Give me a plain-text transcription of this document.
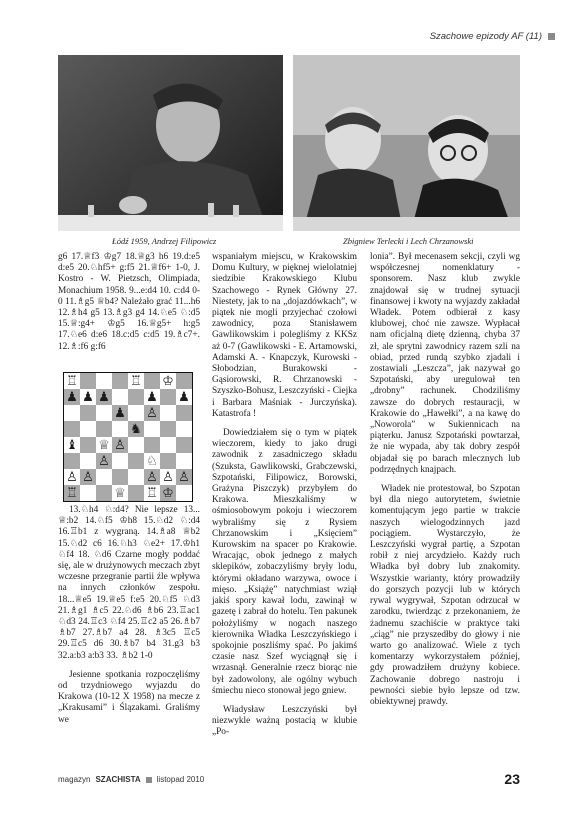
Szachowe epizody AF (11)
Łódź 1959, Andrzej Filipowicz	Zbigniew Terlecki i Lech Chrzanowski

g6 17.♕f3 ♔g7 18.♕g3 h6 19.d:e5 d:e5 20.♘hf5+ g:f5 21.♕f6+ 1-0, J. Kostro - W. Pietzsch, Olimpiada, Monachium 1958. 9...e:d4 10. c:d4 0-0 11.♗g5 ♕b4? Należało grać 11...h6 12.♗h4 g5 13.♗g3 g4 14.♘e5 ♘:d5 15.♕:g4+ ♔g5 16.♕g5+ h:g5 17.♘e6 d:e6 18.c:d5 c:d5 19.♗c7+. 12.♗:f6 g:f6

♖	♖ ♔
♟ ♟ ♟	♟ ♟
♟ ♙
♞
♝ ♕ ♙
♙	♘
♙ ♙	♙ ♙ ♙
♖	♕ ♖ ♔

13.♘h4 ♘:d4? Nie lepsze 13... ♕:b2 14.♘f5 ♔h8 15.♘d2 ♘:d4 16.♖b1 z wygraną. 14.♗a8 ♕b2 15.♘d2 c6 16.♘h3 ♘e2+ 17.♔h1 ♘f4 18. ♘d6 Czarne mogły poddać się, ale w drużynowych meczach zbyt wczesne przegranie partii źle wpływa na innych członków zespołu. 18...♕e5 19.♕e5 f:e5 20.♘f5 ♘d3 21.♗g1 ♗c5 22.♘d6 ♗b6 23.♖ac1 ♘d3 24.♖c3 ♘f4 25.♖c2 a5 26.♗b7 ♗b7 27.♗b7 a4 28. ♗3c5 ♖c5 29.♖c5 d6 30.♗b7 b4 31.g3 b3 32.a:b3 a:b3 33. ♗b2 1-0

Jesienne spotkania rozpoczęliśmy od trzydniowego wyjazdu do Krakowa (10-12 X 1958) na mecze z „Krakusami” i Ślązakami. Graliśmy we

wspaniałym miejscu, w Krakowskim Domu Kultury, w pięknej wielolatniej siedzibie Krakowskiego Klubu Szachowego - Rynek Główny 27. Niestety, jak to na „dojazdówkach”, w piątek nie mogli przyjechać czołowi zawodnicy, poza Stanisławem Gawlikowskim i polegliśmy z KKSz aż 0-7 (Gawlikowski - E. Artamowski, Adamski A. - Knapczyk, Kurowski - Słobodzian, Burakowski - Gąsiorowski, R. Chrzanowski - Szyszko-Bohusz, Leszczyński - Ciejka i Barbara Maśniak - Jurczyńska). Katastrofa !

Dowiedziałem się o tym w piątek wieczorem, kiedy to jako drugi zawodnik z zasadniczego składu (Szuksta, Gawlikowski, Grabczewski, Szpotański, Filipowicz, Borowski, Grażyna Piszczyk) przybyłem do Krakowa. Mieszkaliśmy w ośmiosobowym pokoju i wieczorem wybraliśmy się z Rysiem Chrzanowskim i „Księciem” Kurowskim na spacer po Krakowie. Wracając, obok jednego z małych sklepików, zobaczyliśmy bryły lodu, którymi okładano warzywa, owoce i mięso. „Książę” natychmiast wziął jakiś spory kawał lodu, zawinął w gazetę i zabrał do hotelu. Ten pakunek położyliśmy w nogach naszego kierownika Władka Leszczyńskiego i spokojnie poszliśmy spać. Po jakimś czasie nasz Szef wyciągnął się i wrzasnął. Generalnie rzecz biorąc nie był zadowolony, ale ogólny wybuch śmiechu nieco stonował jego gniew.

Władysław Leszczyński był niezwykle ważną postacią w klubie „Po-

lonia”. Był mecenasem sekcji, czyli wg współczesnej nomenklatury - sponsorem. Nasz klub zwykle znajdował się w trudnej sytuacji finansowej i kwoty na wyjazdy zakładał Władek. Potem odbierał z kasy klubowej, choć nie zawsze. Wypłacał nam oficjalną dietę dzienną, chyba 37 zł, ale sprytni zawodnicy razem szli na obiad, przed rundą szybko zjadali i zostawiali „Leszcza”, jak nazywał go Szpotański, aby uregulował ten „drobny” rachunek. Chodziliśmy zawsze do dobrych restauracji, w Krakowie do „Hawełki”, a na kawę do „Noworola” w Sukiennicach na piąterku. Janusz Szpotański powtarzał, że nie wypada, aby tak dobry zespół objadał się po barach mlecznych lub podrzędnych knajpach.

Władek nie protestował, bo Szpotan był dla niego autorytetem, świetnie komentującym jego partie w trakcie naszych wielogodzinnych jazd pociągiem. Wystarczyło, że Leszczyński wygrał partię, a Szpotan robił z niej arcydzieło. Każdy ruch Władka był dobry lub znakomity. Wszystkie warianty, który prowadziły do gorszych pozycji lub w których rywal wygrywał, Szpotan odrzucał w zarodku, twierdząc z przekonaniem, że żadnemu szachiście w praktyce taki „ciąg” nie przyszedłby do głowy i nie warto go analizować. Wiele z tych komentarzy wykorzystałem później, gdy prowadziłem drużyny kobiece. Zachowanie dobrego nastroju i pewności siebie było lepsze od tzw. obiektywnej prawdy.

magazyn SZACHISTA listopad 2010	23
